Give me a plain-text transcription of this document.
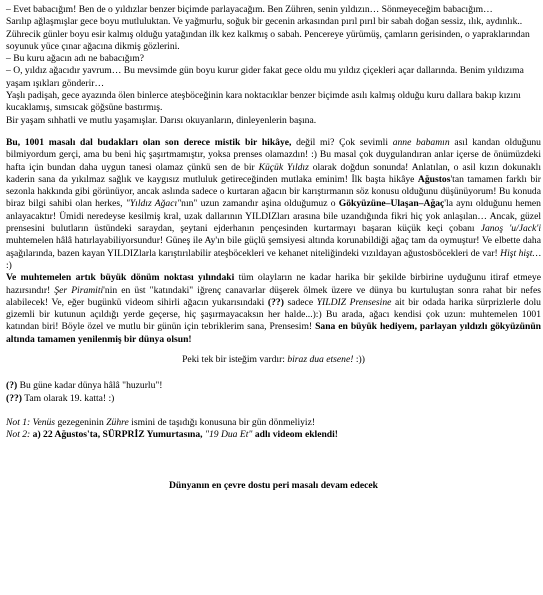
– Evet babacığım! Ben de o yıldızlar benzer biçimde parlayacağım. Ben Zühren, senin yıldızın… Sönmeyeceğim babacığım…

Sarılıp ağlaşmışlar gece boyu mutluluktan. Ve yağmurlu, soğuk bir gecenin arkasından pırıl pırıl bir sabah doğan sessiz, ılık, aydınlık..

Zührecik günler boyu esir kalmış olduğu yatağından ilk kez kalkmış o sabah. Pencereye yürümüş, çamların gerisinden, o yapraklarından soyunuk yüce çınar ağacına dikmiş gözlerini.

– Bu kuru ağacın adı ne babacığım?

– O, yıldız ağacıdır yavrum… Bu mevsimde gün boyu kurur gider fakat gece oldu mu yıldız çiçekleri açar dallarında. Benim yıldızıma yaşam ışıkları gönderir…

Yaşlı padişah, gece ayazında ölen binlerce ateşböceğinin kara noktacıklar benzer biçimde asılı kalmış olduğu kuru dallara bakıp kızını kucaklamış, sımsıcak göğsüne bastırmış.

Bir yaşam sıhhatli ve mutlu yaşamışlar. Darısı okuyanların, dinleyenlerin başına.

Bu, 1001 masalı dal budakları olan son derece mistik bir hikâye, değil mi? Çok sevimli anne babamın asıl kandan olduğunu bilmiyordum gerçi, ama bu beni hiç şaşırtmamıştır, yoksa prenses olamazdın! :) Bu masal çok duygulandıran anlar içerse de önümüzdeki hafta için bundan daha uygun tanesi olamaz çünkü sen de bir Küçük Yıldız olarak doğdun sonunda! Anlatılan, o asil kızın dokunaklı kaderin sana da yıkılmaz sağlık ve kaygısız mutluluk getireceğinden mutlaka eminim! İlk başta hikâye Ağustos'tan tamamen farklı bir sezonla hakkında gibi görünüyor, ancak aslında sadece o kurtaran ağacın bir karıştırmanın söz konusu olduğunu düşünüyorum! Bu konuda biraz bilgi sahibi olan herkes, "Yıldız Ağacı"nın" uzun zamandır aşina olduğumuz o Gökyüzüne–Ulaşan–Ağaç'la aynı olduğunu hemen anlayacaktır! Ümidi neredeyse kesilmiş kral, uzak dallarının YILDIZları arasına bile uzandığında fikri hiç yok anlaşılan… Ancak, güzel prensesini bulutların üstündeki saraydan, şeytani ejderhanın pençesinden kurtarmayı başaran küçük keçi çobanı Janoş 'u/Jack'i muhtemelen hâlâ hatırlayabiliyorsundur! Güneş ile Ay'ın bile güçlü şemsiyesi altında korunabildiği ağaç tam da oymuştur! Ve elbette daha aşağılarında, bazen kayan YILDIZlarla karıştırılabilir ateşböcekleri ve kehanet niteliğindeki vızıldayan ağustosböcekleri de var! Hişt hişt… :)

Ve muhtemelen artık büyük dönüm noktası yılındaki tüm olayların ne kadar harika bir şekilde birbirine uyduğunu itiraf etmeye hazırsındır! Şer Piramiti'nin en üst "katındaki" iğrenç canavarlar düşerek ölmek üzere ve dünya bu kurtuluştan sonra rahat bir nefes alabilecek! Ve, eğer bugünkü videom sihirli ağacın yukarısındaki (??) sadece YILDIZ Prensesine ait bir odada harika sürprizlerle dolu gizemli bir kutunun açıldığı yerde geçerse, hiç şaşırmayacaksın her halde...):) Bu arada, ağacı kendisi çok uzun: muhtemelen 1001 katından biri! Böyle özel ve mutlu bir günün için tebriklerim sana, Prensesim! Sana en büyük hediyem, parlayan yıldızlı gökyüzünün altında tamamen yenilenmiş bir dünya olsun!

Peki tek bir isteğim vardır: biraz dua etsene! :))

(?) Bu güne kadar dünya hâlâ "huzurlu"!

(??) Tam olarak 19. katta! :)

Not 1: Venüs gezegeninin Zühre ismini de taşıdığı konusuna bir gün dönmeliyiz!

Not 2: a) 22 Ağustos'ta, SÜRPRİZ Yumurtasına, "19 Dua Et" adlı videom eklendi!

Dünyanın en çevre dostu peri masalı devam edecek
